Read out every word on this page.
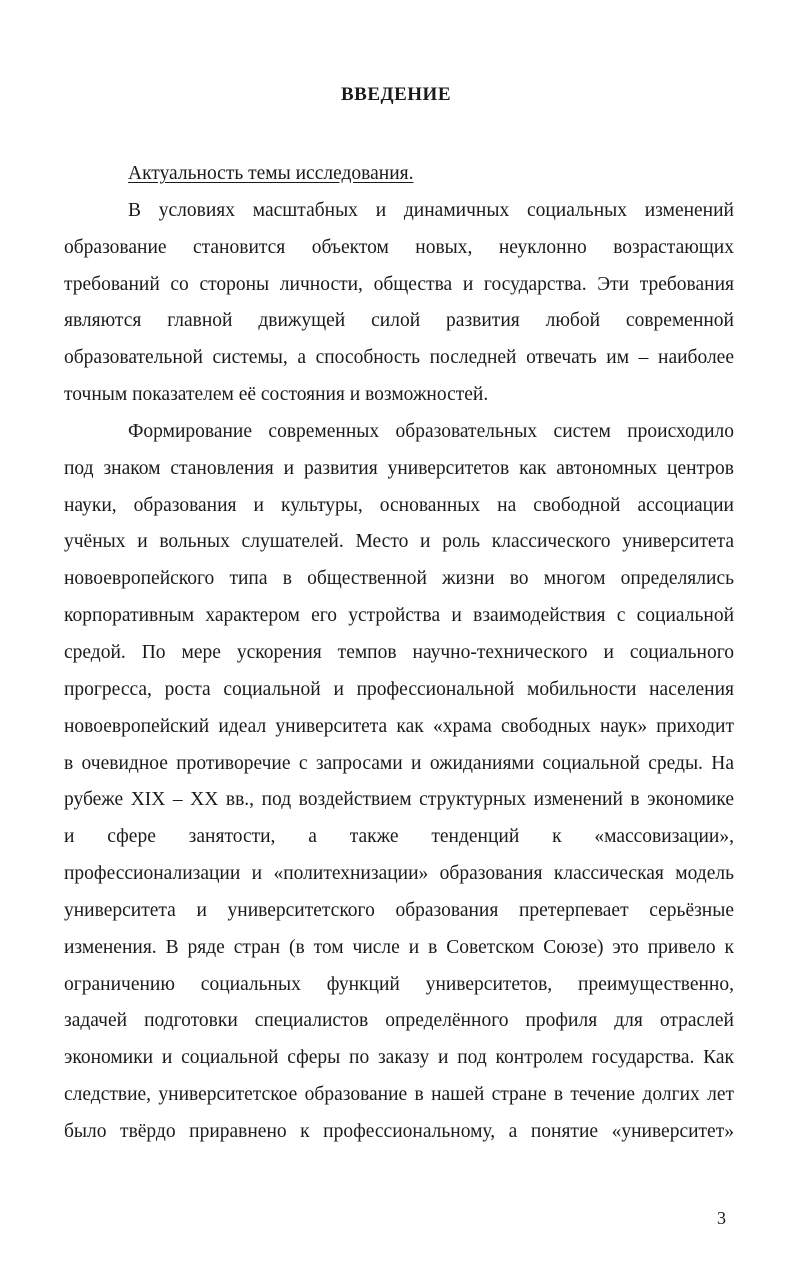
ВВЕДЕНИЕ
Актуальность темы исследования.
В условиях масштабных и динамичных социальных изменений
образование становится объектом новых, неуклонно возрастающих
требований со стороны личности, общества и государства. Эти требования
являются главной движущей силой развития любой современной
образовательной системы, а способность последней отвечать им – наиболее
точным показателем её состояния и возможностей.
Формирование современных образовательных систем происходило
под знаком становления и развития университетов как автономных центров
науки, образования и культуры, основанных на свободной ассоциации
учёных и вольных слушателей. Место и роль классического университета
новоевропейского типа в общественной жизни во многом определялись
корпоративным характером его устройства и взаимодействия с социальной
средой. По мере ускорения темпов научно-технического и социального
прогресса, роста социальной и профессиональной мобильности населения
новоевропейский идеал университета как «храма свободных наук» приходит
в очевидное противоречие с запросами и ожиданиями социальной среды. На
рубеже XIX – XX вв., под воздействием структурных изменений в экономике
и сфере занятости, а также тенденций к «массовизации»,
профессионализации и «политехнизации» образования классическая модель
университета и университетского образования претерпевает серьёзные
изменения. В ряде стран (в том числе и в Советском Союзе) это привело к
ограничению социальных функций университетов, преимущественно,
задачей подготовки специалистов определённого профиля для отраслей
экономики и социальной сферы по заказу и под контролем государства. Как
следствие, университетское образование в нашей стране в течение долгих лет
было твёрдо приравнено к профессиональному, а понятие «университет»
3
